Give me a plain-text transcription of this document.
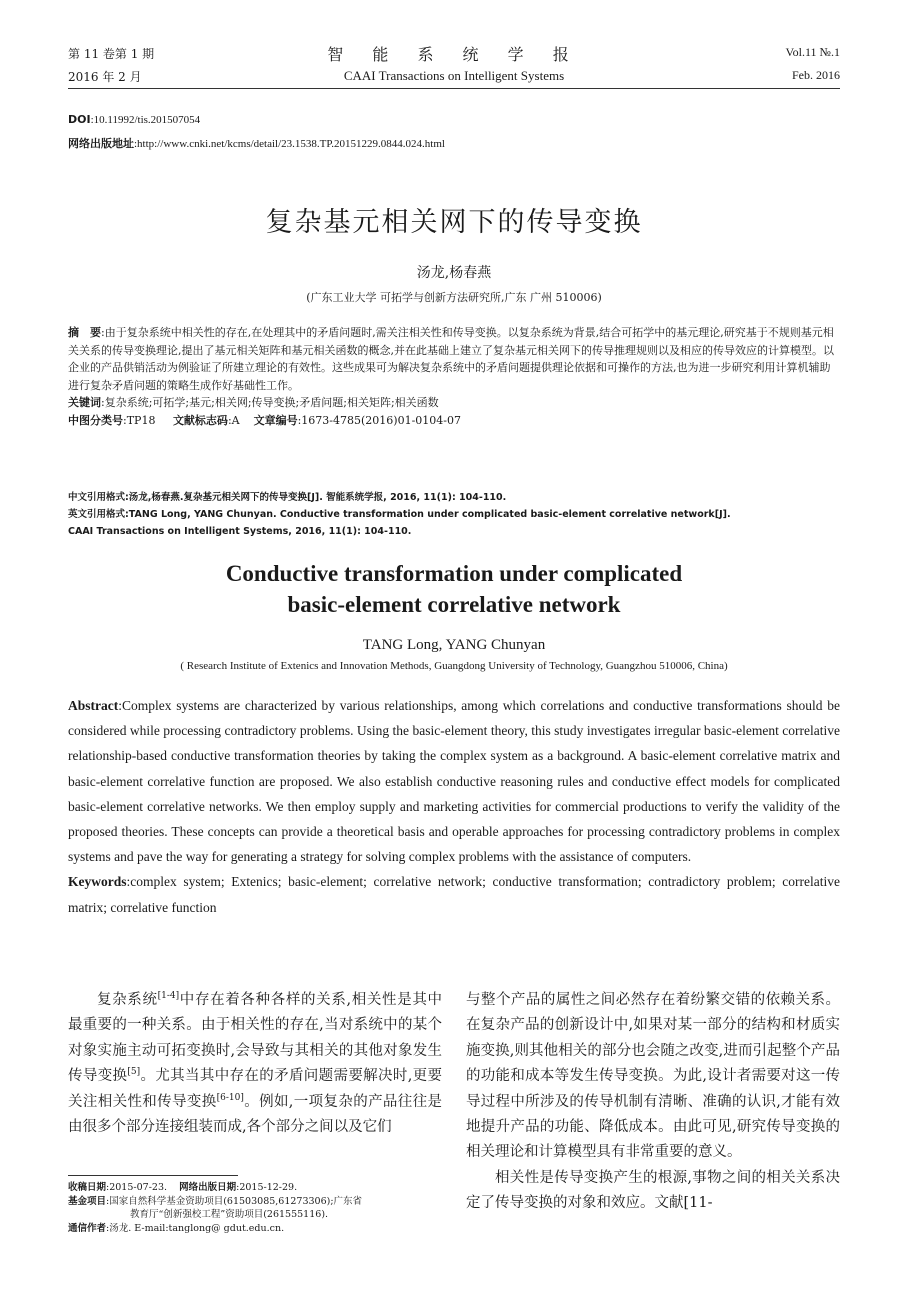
第 11 卷第 1 期	智 能 系 统 学 报	Vol.11 №.1
2016 年 2 月	CAAI Transactions on Intelligent Systems	Feb. 2016
DOI:10.11992/tis.201507054
网络出版地址:http://www.cnki.net/kcms/detail/23.1538.TP.20151229.0844.024.html
复杂基元相关网下的传导变换
汤龙,杨春燕
(广东工业大学 可拓学与创新方法研究所,广东 广州 510006)
摘　要:由于复杂系统中相关性的存在,在处理其中的矛盾问题时,需关注相关性和传导变换。以复杂系统为背景,结合可拓学中的基元理论,研究基于不规则基元相关关系的传导变换理论,提出了基元相关矩阵和基元相关函数的概念,并在此基础上建立了复杂基元相关网下的传导推理规则以及相应的传导效应的计算模型。以企业的产品供销活动为例验证了所建立理论的有效性。这些成果可为解决复杂系统中的矛盾问题提供理论依据和可操作的方法,也为进一步研究利用计算机辅助进行复杂矛盾问题的策略生成作好基础性工作。
关键词:复杂系统;可拓学;基元;相关网;传导变换;矛盾问题;相关矩阵;相关函数
中图分类号:TP18 文献标志码:A 文章编号:1673-4785(2016)01-0104-07
中文引用格式:汤龙,杨春燕.复杂基元相关网下的传导变换[J]. 智能系统学报, 2016, 11(1): 104-110.
英文引用格式:TANG Long, YANG Chunyan. Conductive transformation under complicated basic-element correlative network[J].
CAAI Transactions on Intelligent Systems, 2016, 11(1): 104-110.
Conductive transformation under complicated
basic-element correlative network
TANG Long, YANG Chunyan
( Research Institute of Extenics and Innovation Methods, Guangdong University of Technology, Guangzhou 510006, China)
Abstract:Complex systems are characterized by various relationships, among which correlations and conductive transformations should be considered while processing contradictory problems. Using the basic-element theory, this study investigates irregular basic-element correlative relationship-based conductive transformation theories by taking the complex system as a background. A basic-element correlative matrix and basic-element correlative function are proposed. We also establish conductive reasoning rules and conductive effect models for complicated basic-element correlative networks. We then employ supply and marketing activities for commercial productions to verify the validity of the proposed theories. These concepts can provide a theoretical basis and operable approaches for processing contradictory problems in complex systems and pave the way for generating a strategy for solving complex problems with the assistance of computers.
Keywords:complex system; Extenics; basic-element; correlative network; conductive transformation; contradictory problem; correlative matrix; correlative function

复杂系统[1-4]中存在着各种各样的关系,相关性是其中最重要的一种关系。由于相关性的存在,当对系统中的某个对象实施主动可拓变换时,会导致与其相关的其他对象发生传导变换[5]。尤其当其中存在的矛盾问题需要解决时,更要关注相关性和传导变换[6-10]。例如,一项复杂的产品往往是由很多个部分连接组装而成,各个部分之间以及它们

与整个产品的属性之间必然存在着纷繁交错的依赖关系。在复杂产品的创新设计中,如果对某一部分的结构和材质实施变换,则其他相关的部分也会随之改变,进而引起整个产品的功能和成本等发生传导变换。为此,设计者需要对这一传导过程中所涉及的传导机制有清晰、准确的认识,才能有效地提升产品的功能、降低成本。由此可见,研究传导变换的相关理论和计算模型具有非常重要的意义。

相关性是传导变换产生的根源,事物之间的相关关系决定了传导变换的对象和效应。文献[11-

收稿日期:2015-07-23. 网络出版日期:2015-12-29.
基金项目:国家自然科学基金资助项目(61503085,61273306);广东省
教育厅“创新强校工程”资助项目(261555116).
通信作者:汤龙. E-mail:tanglong@ gdut.edu.cn.
